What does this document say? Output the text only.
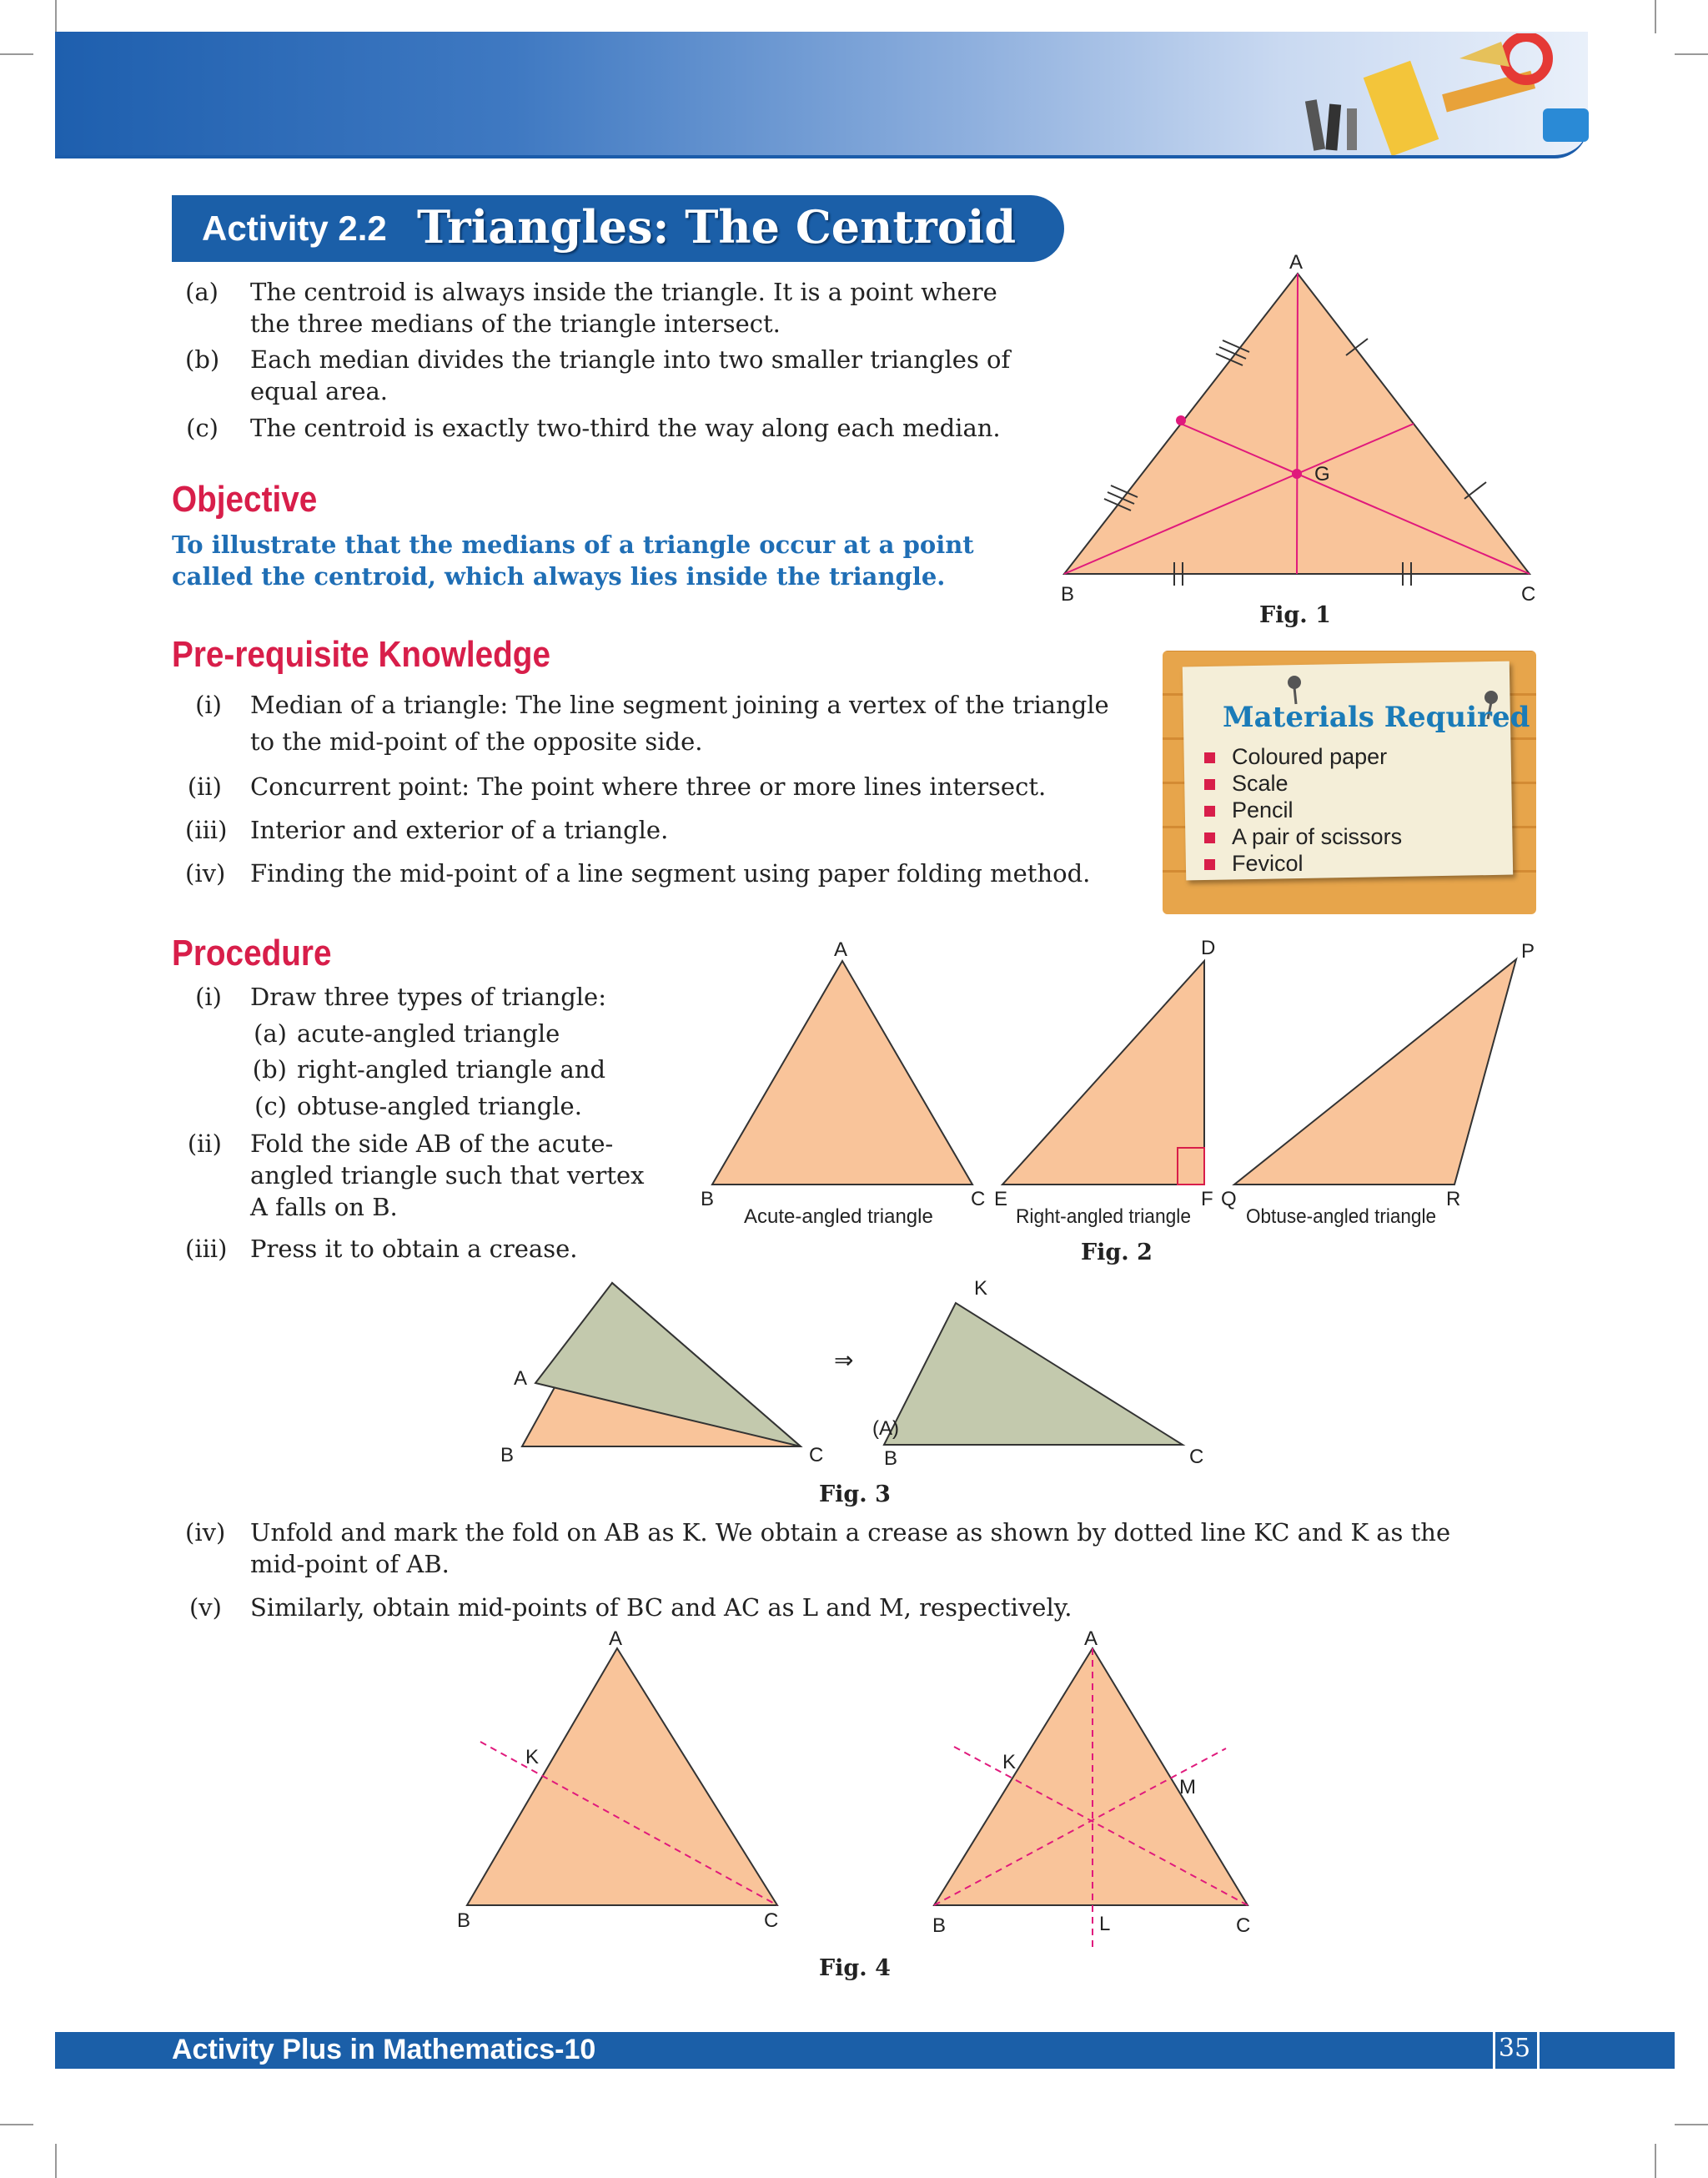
Activity 2.2 Triangles: The Centroid
(a) The centroid is always inside the triangle. It is a point where
the three medians of the triangle intersect.
(b) Each median divides the triangle into two smaller triangles of
equal area.
(c) The centroid is exactly two-third the way along each median.
A
G
B	C
Fig. 1
Objective
To illustrate that the medians of a triangle occur at a point
called the centroid, which always lies inside the triangle.
Pre-requisite Knowledge
(i) Median of a triangle: The line segment joining a vertex of the triangle
to the mid-point of the opposite side.
(ii) Concurrent point: The point where three or more lines intersect.
(iii) Interior and exterior of a triangle.
(iv) Finding the mid-point of a line segment using paper folding method.
Materials Required
Coloured paper
Scale
Pencil
A pair of scissors
Fevicol
Procedure
(i) Draw three types of triangle:
(a) acute-angled triangle
(b) right-angled triangle and
(c) obtuse-angled triangle.
(ii) Fold the side AB of the acute-
angled triangle such that vertex
A falls on B.
(iii) Press it to obtain a crease.
A
B	C
Acute-angled triangle
D
E	F
Right-angled triangle
P
Q	R
Obtuse-angled triangle
Fig. 2
A
B	C
⇒
K
(A)
B	C
Fig. 3
(iv) Unfold and mark the fold on AB as K. We obtain a crease as shown by dotted line KC and K as the
mid-point of AB.
(v) Similarly, obtain mid-points of BC and AC as L and M, respectively.
A
K
B	C
A
K
M
B	L	C
Fig. 4
Activity Plus in Mathematics-10	35
